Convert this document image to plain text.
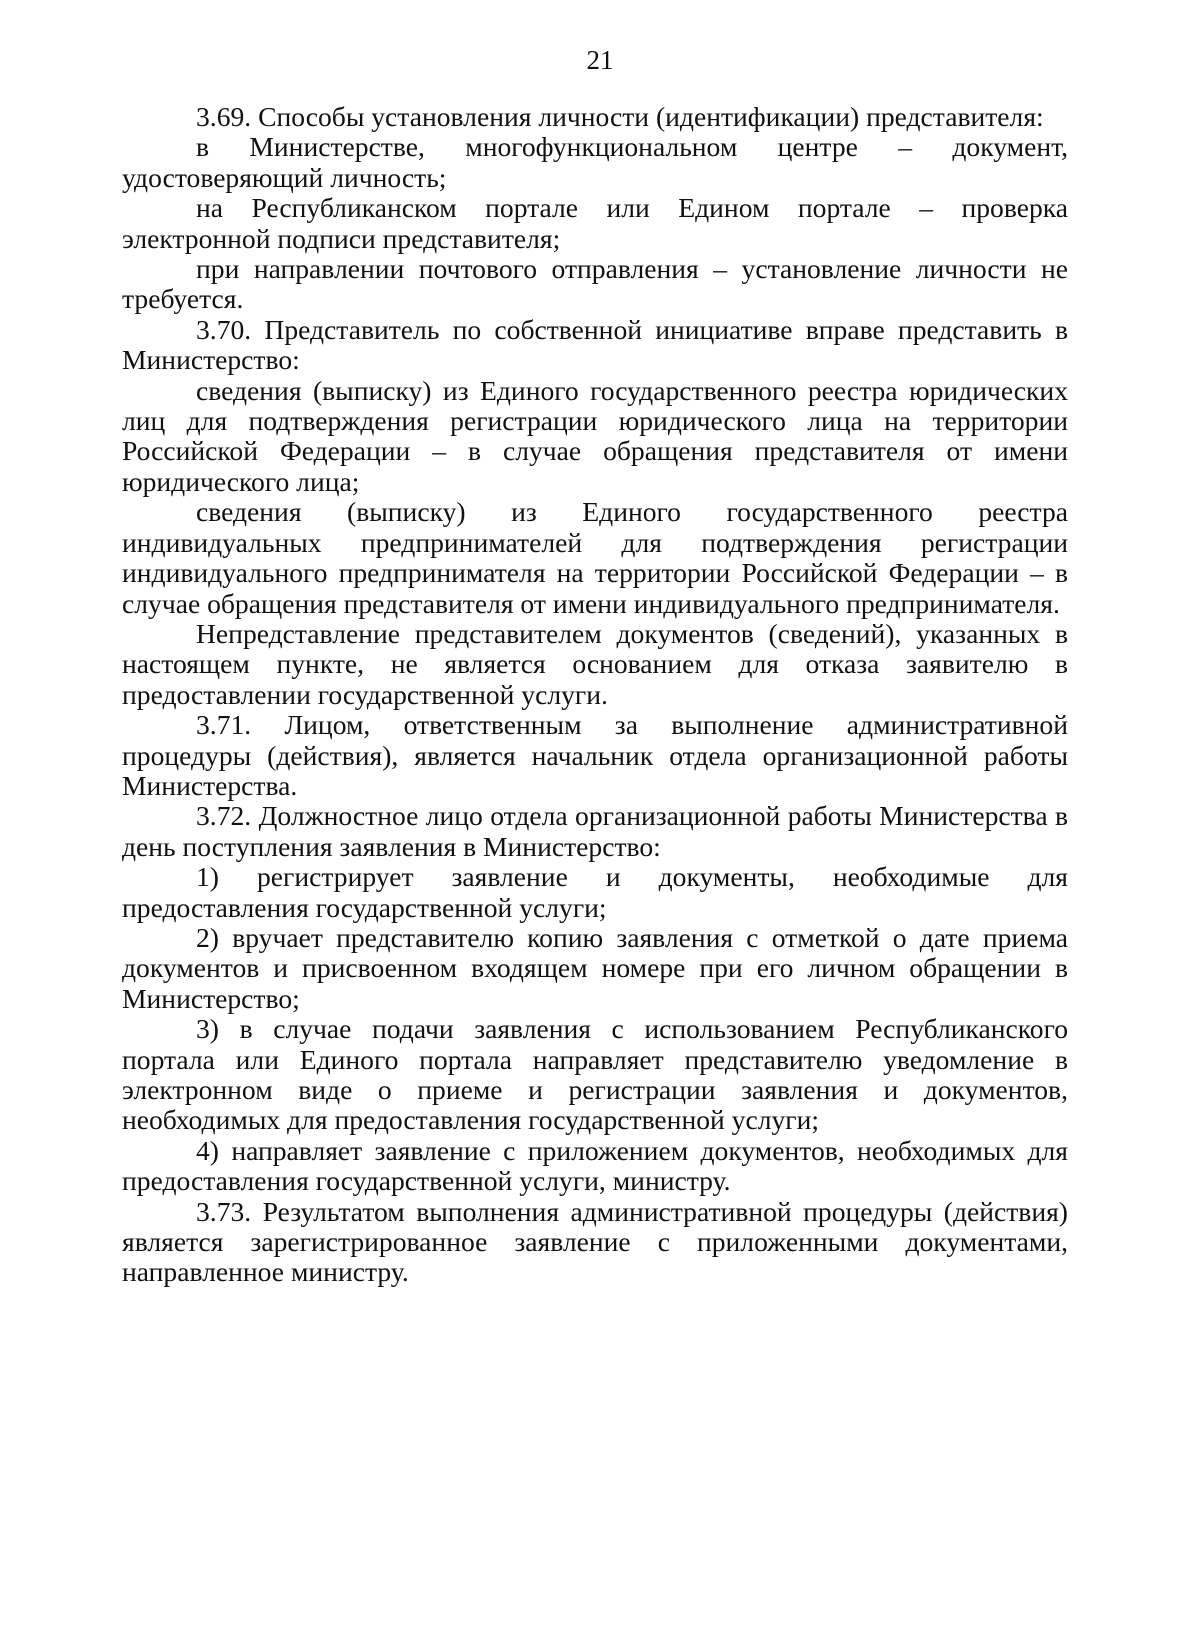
21

3.69. Способы установления личности (идентификации) представителя:

в Министерстве, многофункциональном центре – документ, удостоверяющий личность;

на Республиканском портале или Едином портале – проверка электронной подписи представителя;

при направлении почтового отправления – установление личности не требуется.

3.70. Представитель по собственной инициативе вправе представить в Министерство:

сведения (выписку) из Единого государственного реестра юридических лиц для подтверждения регистрации юридического лица на территории Российской Федерации – в случае обращения представителя от имени юридического лица;

сведения (выписку) из Единого государственного реестра индивидуальных предпринимателей для подтверждения регистрации индивидуального предпринимателя на территории Российской Федерации – в случае обращения представителя от имени индивидуального предпринимателя.

Непредставление представителем документов (сведений), указанных в настоящем пункте, не является основанием для отказа заявителю в предоставлении государственной услуги.

3.71. Лицом, ответственным за выполнение административной процедуры (действия), является начальник отдела организационной работы Министерства.

3.72. Должностное лицо отдела организационной работы Министерства в день поступления заявления в Министерство:

1) регистрирует заявление и документы, необходимые для предоставления государственной услуги;

2) вручает представителю копию заявления с отметкой о дате приема документов и присвоенном входящем номере при его личном обращении в Министерство;

3) в случае подачи заявления с использованием Республиканского портала или Единого портала направляет представителю уведомление в электронном виде о приеме и регистрации заявления и документов, необходимых для предоставления государственной услуги;

4) направляет заявление с приложением документов, необходимых для предоставления государственной услуги, министру.

3.73. Результатом выполнения административной процедуры (действия) является зарегистрированное заявление с приложенными документами, направленное министру.
